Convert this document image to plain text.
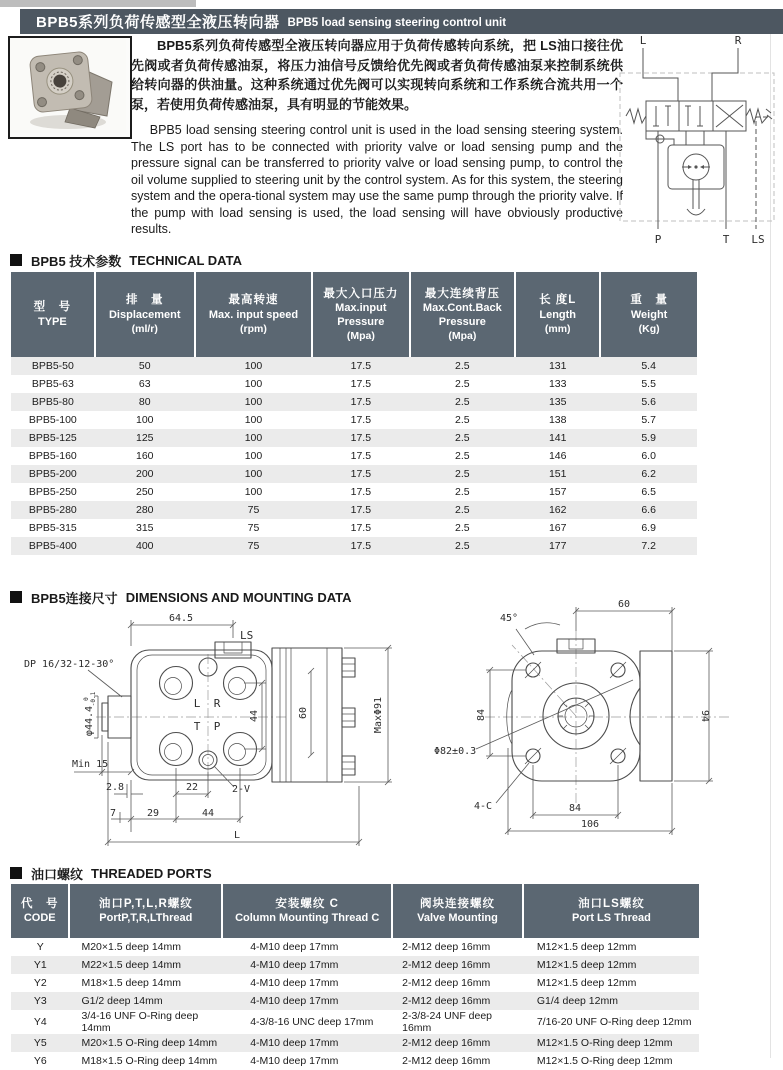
BPB5系列负荷传感型全液压转向器 BPB5 load sensing steering control unit

BPB5系列负荷传感型全液压转向器应用于负荷传感转向系统，把 LS油口接往优先阀或者负荷传感油泵，将压力油信号反馈给优先阀或者负荷传感油泵来控制系统供给转向器的供油量。这种系统通过优先阀可以实现转向系统和工作系统合流共用一个泵，若使用负荷传感油泵，具有明显的节能效果。

BPB5 load sensing steering control unit is used in the load sensing steering system. The LS port has to be connected with priority valve or load sensing pump and the pressure signal can be transferred to priority valve or load sensing pump, to control the oil volume supplied to steering unit by the control system. As for this system, the steering system and the opera-tional system may use the same pump through the priority valve. If the pump with load sensing is used, the load sensing will have obviously productive results.

L	R
P	T LS
BPB5 技术参数 TECHNICAL DATA
型　号
TYPE

排　量
Displacement
(ml/r)

最高转速
Max. input speed
(rpm)

最大入口压力
Max.input Pressure
(Mpa)

最大连续背压
Max.Cont.Back Pressure
(Mpa)

长 度L
Length
(mm)

重　量
Weight
(Kg)

BPB5-50	50	100	17.5	2.5	131	5.4
BPB5-63	63	100	17.5	2.5	133	5.5
BPB5-80	80	100	17.5	2.5	135	5.6
BPB5-100	100	100	17.5	2.5	138	5.7
BPB5-125	125	100	17.5	2.5	141	5.9
BPB5-160	160	100	17.5	2.5	146	6.0
BPB5-200	200	100	17.5	2.5	151	6.2
BPB5-250	250	100	17.5	2.5	157	6.5
BPB5-280	280	75	17.5	2.5	162	6.6
BPB5-315	315	75	17.5	2.5	167	6.9
BPB5-400	400	75	17.5	2.5	177	7.2
BPB5连接尺寸 DIMENSIONS AND MOUNTING DATA
L R
T P
64.5
LS
DP 16/32-12-30°
φ44.4
0 -0.1
Min 15
2.8	22	2-V
7	29	44
L
44	60	MaxΦ91
45°
60
84	94
Φ82±0.3
4-C	84
106
油口螺纹 THREADED PORTS
代　号
CODE

油口P,T,L,R螺纹
PortP,T,R,LThread

安装螺纹 C
Column Mounting Thread C

阀块连接螺纹
Valve Mounting

油口LS螺纹
Port LS Thread

Y	M20×1.5 deep 14mm	4-M10 deep 17mm	2-M12 deep 16mm	M12×1.5 deep 12mm
Y1	M22×1.5 deep 14mm	4-M10 deep 17mm	2-M12 deep 16mm	M12×1.5 deep 12mm
Y2	M18×1.5 deep 14mm	4-M10 deep 17mm	2-M12 deep 16mm	M12×1.5 deep 12mm
Y3	G1/2 deep 14mm	4-M10 deep 17mm	2-M12 deep 16mm	G1/4 deep 12mm
Y4	3/4-16 UNF O-Ring deep 14mm	4-3/8-16 UNC deep 17mm	2-3/8-24 UNF deep 16mm	7/16-20 UNF O-Ring deep 12mm
Y5	M20×1.5 O-Ring deep 14mm	4-M10 deep 17mm	2-M12 deep 16mm	M12×1.5 O-Ring deep 12mm
Y6	M18×1.5 O-Ring deep 14mm	4-M10 deep 17mm	2-M12 deep 16mm	M12×1.5 O-Ring deep 12mm
